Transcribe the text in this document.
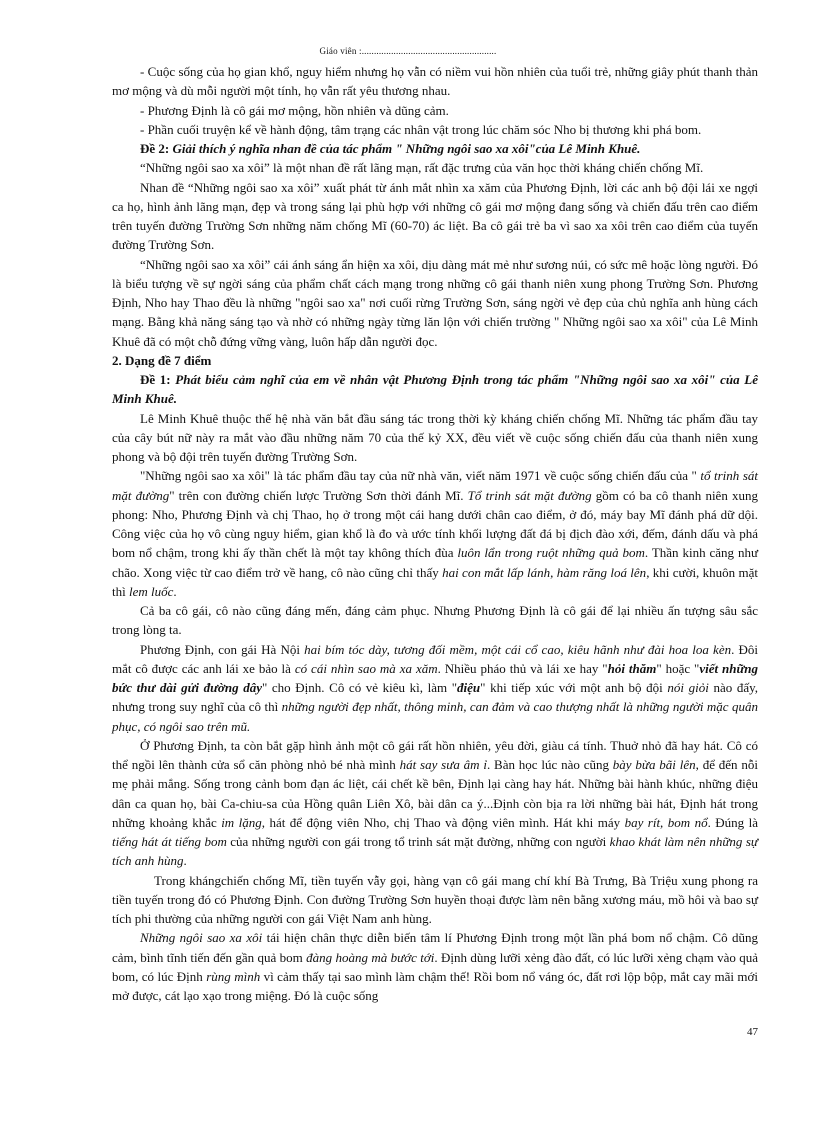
Giáo viên :.......................................................

- Cuộc sống của họ gian khổ, nguy hiểm nhưng họ vẫn có niềm vui hồn nhiên của tuổi trẻ, những giây phút thanh thản mơ mộng và dù mỗi người một tính, họ vẫn rất yêu thương nhau.

- Phương Định là cô gái mơ mộng, hồn nhiên và dũng cảm.

- Phần cuối truyện kể về hành động, tâm trạng các nhân vật trong lúc chăm sóc Nho bị thương khi phá bom.

Đề 2: Giải thích ý nghĩa nhan đề của tác phẩm " Những ngôi sao xa xôi"của Lê Minh Khuê.

“Những ngôi sao xa xôi” là một nhan đề rất lãng mạn, rất đặc trưng của văn học thời kháng chiến chống Mĩ.

Nhan đề “Những ngôi sao xa xôi” xuất phát từ ánh mắt nhìn xa xăm của Phương Định, lời các anh bộ đội lái xe ngợi ca họ, hình ảnh lãng mạn, đẹp và trong sáng lại phù hợp với những cô gái mơ mộng đang sống và chiến đấu trên cao điểm trên tuyến đường Trường Sơn những năm chống Mĩ (60-70) ác liệt. Ba cô gái trẻ ba vì sao xa xôi trên cao điểm của tuyến đường Trường Sơn.

“Những ngôi sao xa xôi” cái ánh sáng ẩn hiện xa xôi, dịu dàng mát mẻ như sương núi, có sức mê hoặc lòng người. Đó là biểu tượng về sự ngời sáng của phẩm chất cách mạng trong những cô gái thanh niên xung phong Trường Sơn. Phương Định, Nho hay Thao đều là những "ngôi sao xa" nơi cuối rừng Trường Sơn, sáng ngời vẻ đẹp của chủ nghĩa anh hùng cách mạng. Bằng khả năng sáng tạo và nhờ có những ngày từng lăn lộn với chiến trường " Những ngôi sao xa xôi" của Lê Minh Khuê đã có một chỗ đứng vững vàng, luôn hấp dẫn người đọc.

2. Dạng đề 7 điểm

Đề 1: Phát biểu cảm nghĩ của em về nhân vật Phương Định trong tác phẩm "Những ngôi sao xa xôi" của Lê Minh Khuê.

Lê Minh Khuê thuộc thế hệ nhà văn bắt đầu sáng tác trong thời kỳ kháng chiến chống Mĩ. Những tác phẩm đầu tay của cây bút nữ này ra mắt vào đầu những năm 70 của thế kỷ XX, đều viết về cuộc sống chiến đấu của thanh niên xung phong và bộ đội trên tuyến đường Trường Sơn.

"Những ngôi sao xa xôi" là tác phẩm đầu tay của nữ nhà văn, viết năm 1971 về cuộc sống chiến đấu của " tổ trinh sát mặt đường" trên con đường chiến lược Trường Sơn thời đánh Mĩ. Tổ trinh sát mặt đường gồm có ba cô thanh niên xung phong: Nho, Phương Định và chị Thao, họ ở trong một cái hang dưới chân cao điểm, ở đó, máy bay Mĩ đánh phá dữ dội. Công việc của họ vô cùng nguy hiểm, gian khổ là đo và ước tính khối lượng đất đá bị địch đào xới, đếm, đánh dấu và phá bom nổ chậm, trong khi ấy thần chết là một tay không thích đùa luôn lẩn trong ruột những quả bom. Thần kinh căng như chão. Xong việc từ cao điểm trở về hang, cô nào cũng chỉ thấy hai con mắt lấp lánh, hàm răng loá lên, khi cười, khuôn mặt thì lem luốc.

Cả ba cô gái, cô nào cũng đáng mến, đáng cảm phục. Nhưng Phương Định là cô gái để lại nhiều ấn tượng sâu sắc trong lòng ta.

Phương Định, con gái Hà Nội hai bím tóc dày, tương đối mềm, một cái cổ cao, kiêu hãnh như đài hoa loa kèn. Đôi mắt cô được các anh lái xe bảo là có cái nhìn sao mà xa xăm. Nhiều pháo thủ và lái xe hay "hỏi thăm" hoặc "viết những bức thư dài gửi đường dây" cho Định. Cô có vẻ kiêu kì, làm "điệu" khi tiếp xúc với một anh bộ đội nói giỏi nào đấy, nhưng trong suy nghĩ của cô thì những người đẹp nhất, thông minh, can đảm và cao thượng nhất là những người mặc quân phục, có ngôi sao trên mũ.

Ở Phương Định, ta còn bắt gặp hình ảnh một cô gái rất hồn nhiên, yêu đời, giàu cá tính. Thuở nhỏ đã hay hát. Cô có thể ngồi lên thành cửa sổ căn phòng nhỏ bé nhà mình hát say sưa âm ỉ. Bàn học lúc nào cũng bày bừa bãi lên, để đến nỗi mẹ phải mắng. Sống trong cảnh bom đạn ác liệt, cái chết kề bên, Định lại càng hay hát. Những bài hành khúc, những điệu dân ca quan họ, bài Ca-chiu-sa của Hồng quân Liên Xô, bài dân ca ý...Định còn bịa ra lời những bài hát, Định hát trong những khoảng khắc im lặng, hát để động viên Nho, chị Thao và động viên mình. Hát khi máy bay rít, bom nổ. Đúng là tiếng hát át tiếng bom của những người con gái trong tổ trinh sát mặt đường, những con người khao khát làm nên những sự tích anh hùng.

Trong khángchiến chống Mĩ, tiền tuyến vẫy gọi, hàng vạn cô gái mang chí khí Bà Trưng, Bà Triệu xung phong ra tiền tuyến trong đó có Phương Định. Con đường Trường Sơn huyền thoại được làm nên bằng xương máu, mồ hôi và bao sự tích phi thường của những người con gái Việt Nam anh hùng.

Những ngôi sao xa xôi tái hiện chân thực diễn biến tâm lí Phương Định trong một lần phá bom nổ chậm. Cô dũng cảm, bình tĩnh tiến đến gần quả bom đàng hoàng mà bước tới. Định dùng lưỡi xẻng đào đất, có lúc lưỡi xẻng chạm vào quả bom, có lúc Định rùng mình vì cảm thấy tại sao mình làm chậm thế! Rồi bom nổ váng óc, đất rơi lộp bộp, mắt cay mãi mới mở được, cát lạo xạo trong miệng. Đó là cuộc sống

47
